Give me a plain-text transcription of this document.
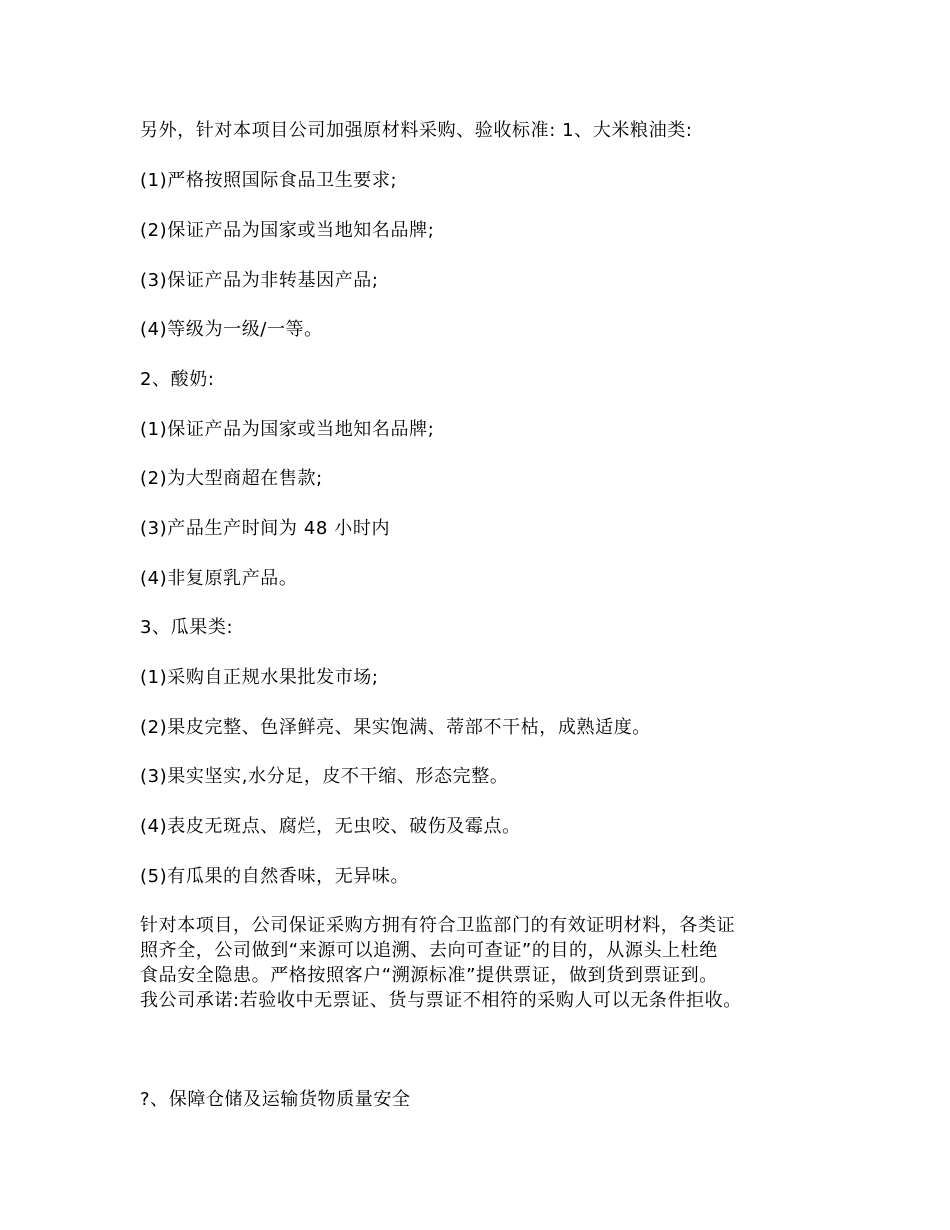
另外，针对本项目公司加强原材料采购、验收标准: 1、大米粮油类:
(1)严格按照国际食品卫生要求;
(2)保证产品为国家或当地知名品牌;
(3)保证产品为非转基因产品;
(4)等级为一级/一等。
2、酸奶:
(1)保证产品为国家或当地知名品牌;
(2)为大型商超在售款;
(3)产品生产时间为 48 小时内
(4)非复原乳产品。
3、瓜果类:
(1)采购自正规水果批发市场;
(2)果皮完整、色泽鲜亮、果实饱满、蒂部不干枯，成熟适度。
(3)果实坚实,水分足，皮不干缩、形态完整。
(4)表皮无斑点、腐烂，无虫咬、破伤及霉点。
(5)有瓜果的自然香味，无异味。
针对本项目，公司保证采购方拥有符合卫监部门的有效证明材料，各类证
照齐全，公司做到“来源可以追溯、去向可查证”的目的，从源头上杜绝
食品安全隐患。严格按照客户“溯源标准”提供票证，做到货到票证到。
我公司承诺:若验收中无票证、货与票证不相符的采购人可以无条件拒收。
?、保障仓储及运输货物质量安全
